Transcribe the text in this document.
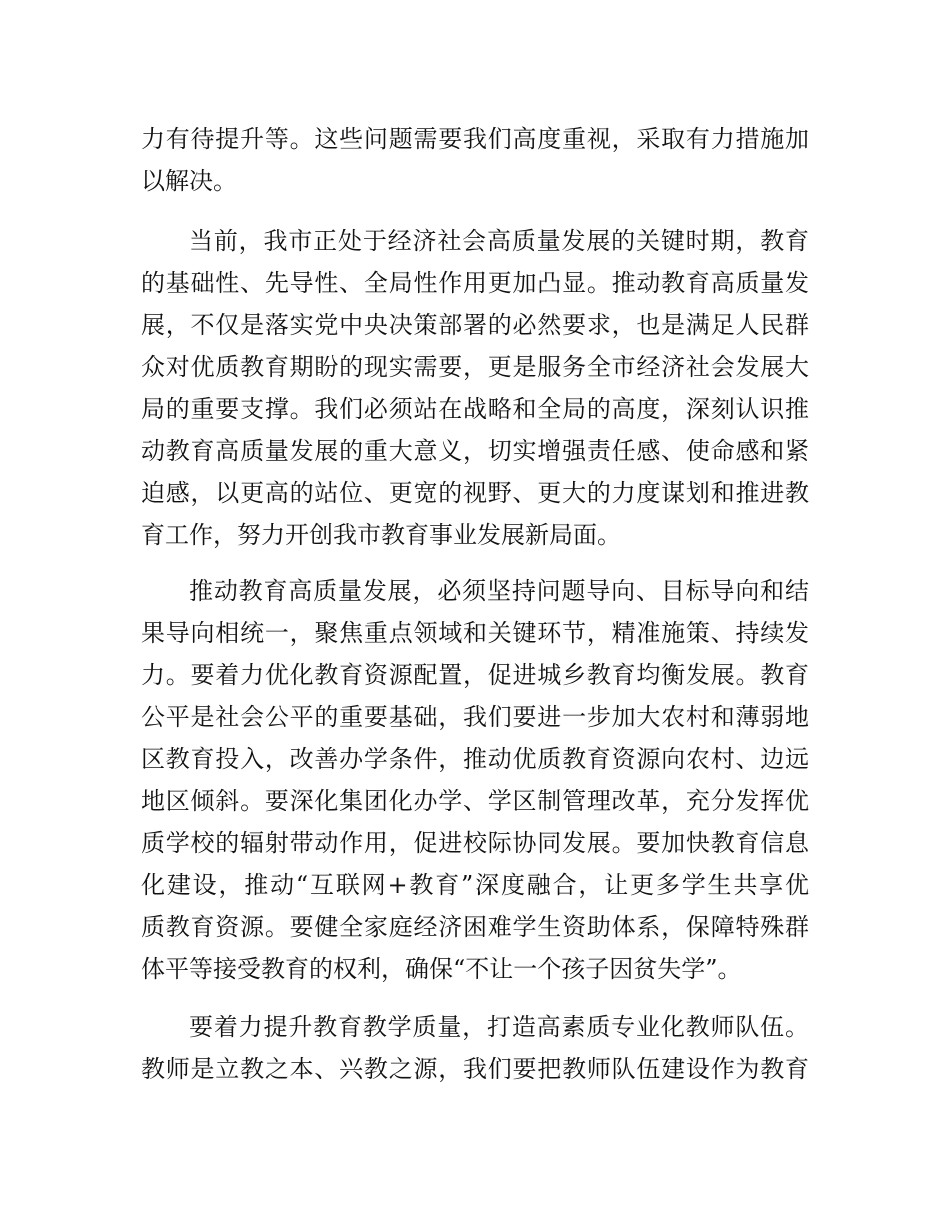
力有待提升等。这些问题需要我们高度重视，采取有力措施加
以解决。
当前，我市正处于经济社会高质量发展的关键时期，教育
的基础性、先导性、全局性作用更加凸显。推动教育高质量发
展，不仅是落实党中央决策部署的必然要求，也是满足人民群
众对优质教育期盼的现实需要，更是服务全市经济社会发展大
局的重要支撑。我们必须站在战略和全局的高度，深刻认识推
动教育高质量发展的重大意义，切实增强责任感、使命感和紧
迫感，以更高的站位、更宽的视野、更大的力度谋划和推进教
育工作，努力开创我市教育事业发展新局面。
推动教育高质量发展，必须坚持问题导向、目标导向和结
果导向相统一，聚焦重点领域和关键环节，精准施策、持续发
力。要着力优化教育资源配置，促进城乡教育均衡发展。教育
公平是社会公平的重要基础，我们要进一步加大农村和薄弱地
区教育投入，改善办学条件，推动优质教育资源向农村、边远
地区倾斜。要深化集团化办学、学区制管理改革，充分发挥优
质学校的辐射带动作用，促进校际协同发展。要加快教育信息
化建设，推动“互联网+教育”深度融合，让更多学生共享优
质教育资源。要健全家庭经济困难学生资助体系，保障特殊群
体平等接受教育的权利，确保“不让一个孩子因贫失学”。
要着力提升教育教学质量，打造高素质专业化教师队伍。
教师是立教之本、兴教之源，我们要把教师队伍建设作为教育
